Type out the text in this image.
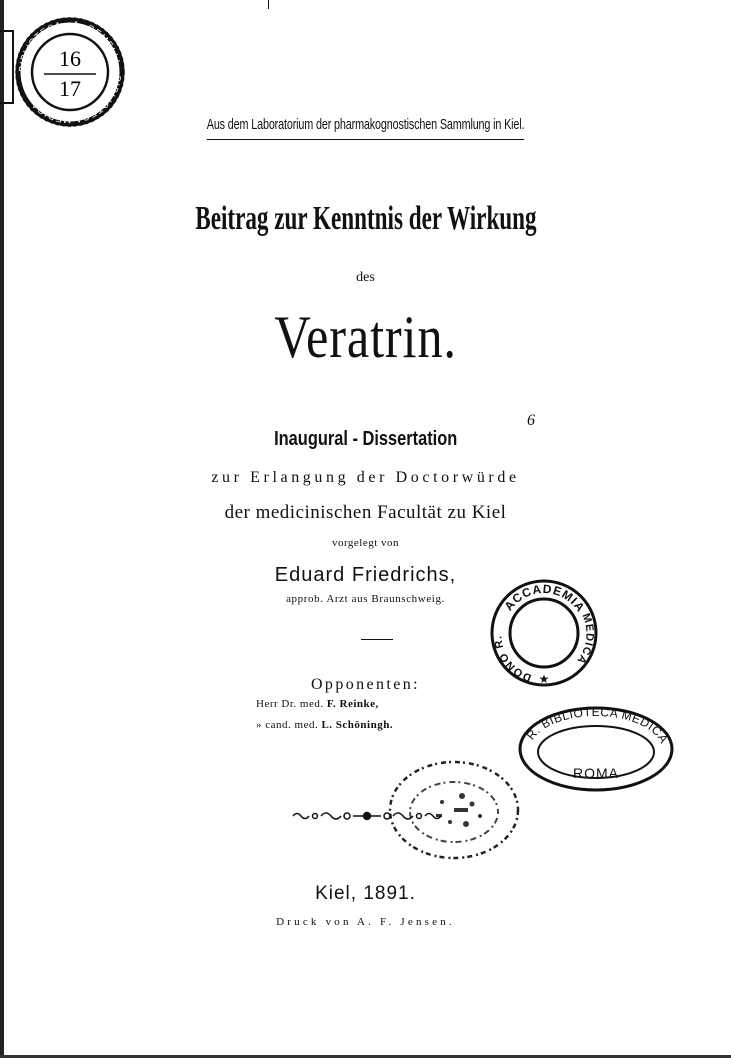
BIBLIOTECA · A. GEMELLI · BIBLIOTECA MEDICA
16
17
Aus dem Laboratorium der pharmakognostischen Sammlung in Kiel.
Beitrag zur Kenntnis der Wirkung
des
Veratrin.
6
Inaugural - Dissertation
zur Erlangung der Doctorwürde
der medicinischen Facultät zu Kiel
vorgelegt von
Eduard Friedrichs,
approb. Arzt aus Braunschweig.
Opponenten:
Herr Dr. med. F. Reinke,
» cand. med. L. Schöningh.
ACCADEMIA
DONO R.
MEDICA
★
R. BIBLIOTECA MEDICA
ROMA
Kiel, 1891.
Druck von A. F. Jensen.
